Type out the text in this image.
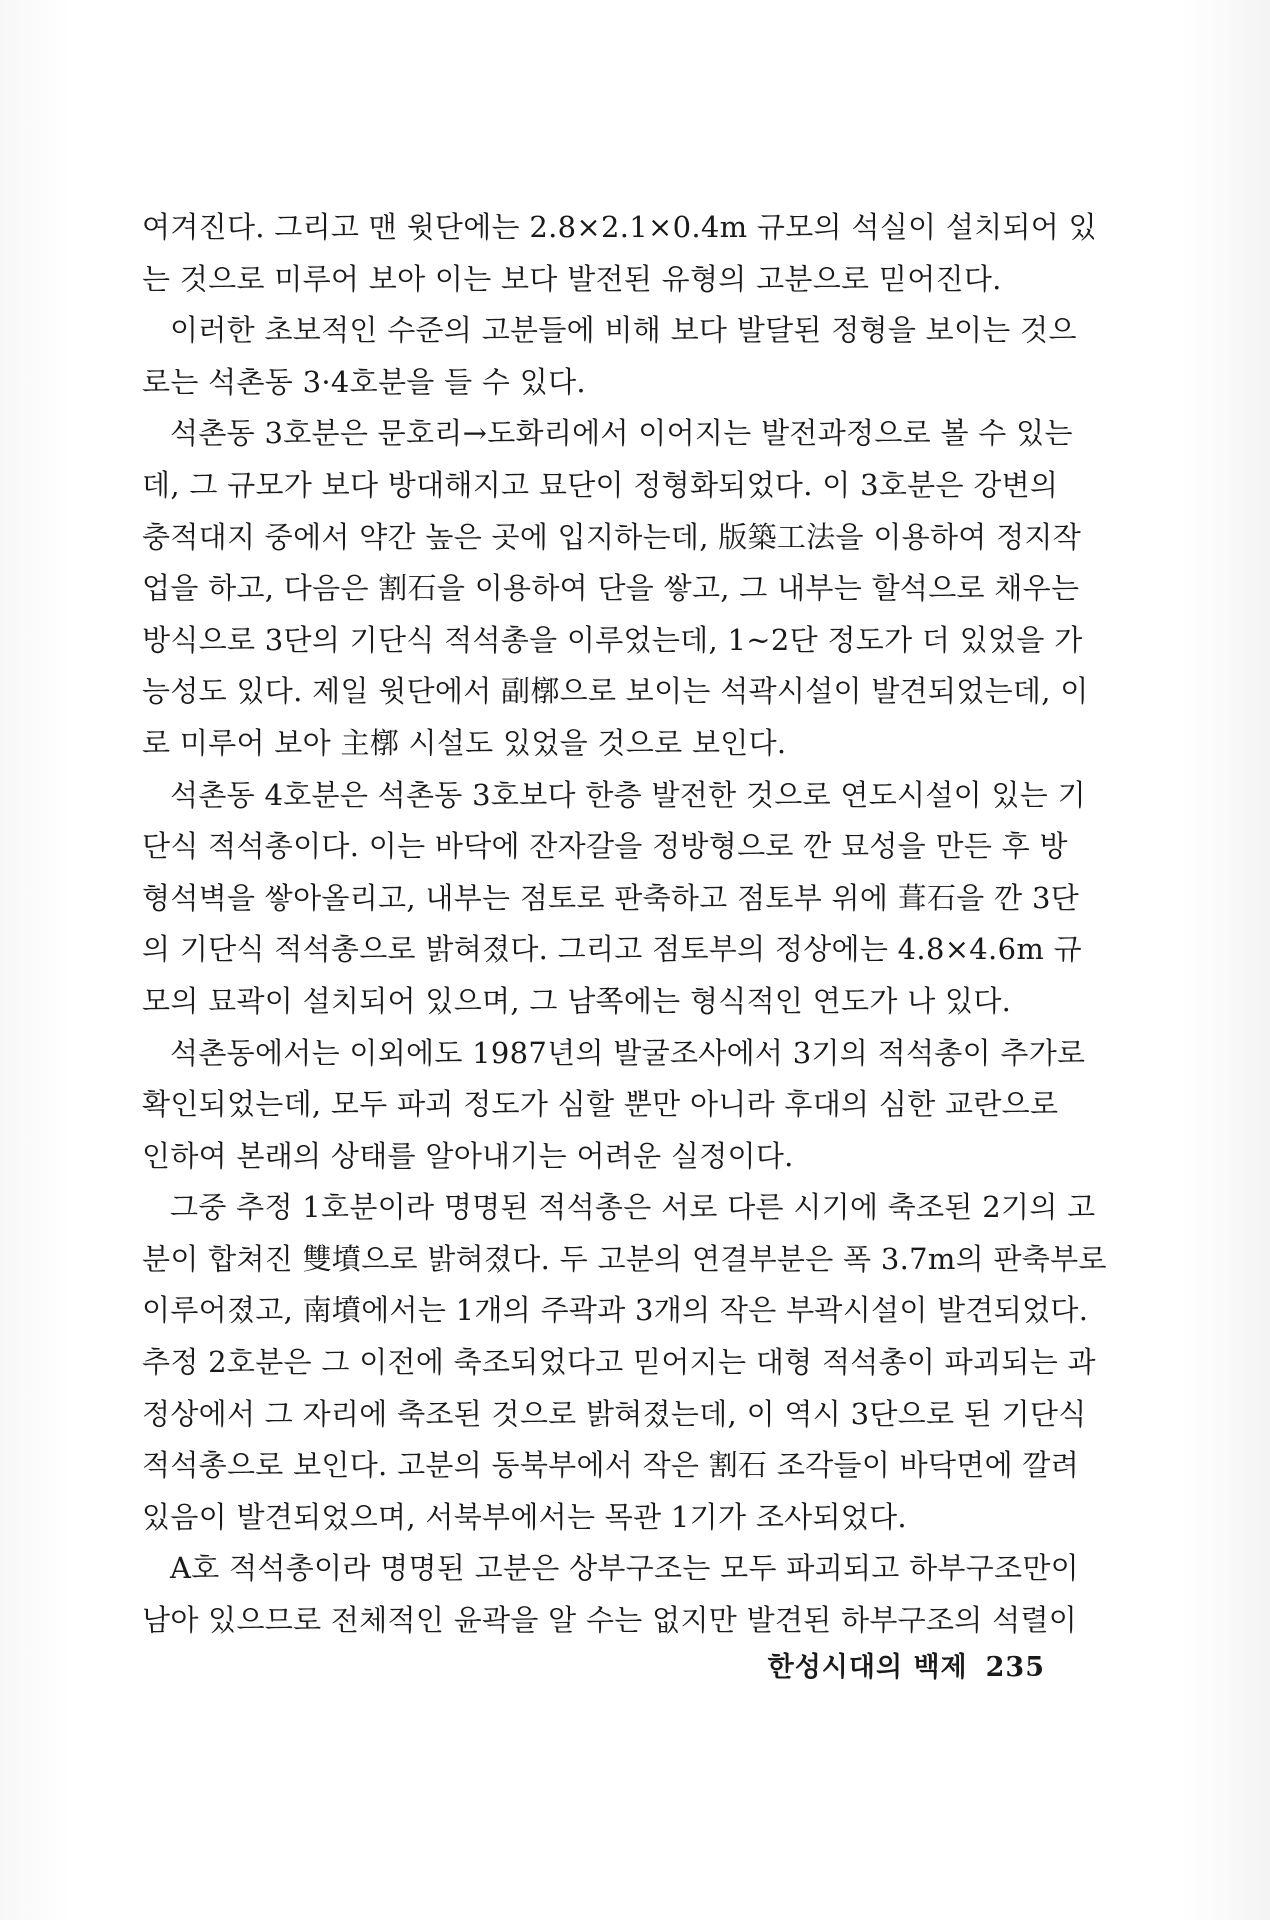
여겨진다. 그리고 맨 윗단에는 2.8×2.1×0.4m 규모의 석실이 설치되어 있
는 것으로 미루어 보아 이는 보다 발전된 유형의 고분으로 믿어진다.
이러한 초보적인 수준의 고분들에 비해 보다 발달된 정형을 보이는 것으
로는 석촌동 3·4호분을 들 수 있다.
석촌동 3호분은 문호리→도화리에서 이어지는 발전과정으로 볼 수 있는
데, 그 규모가 보다 방대해지고 묘단이 정형화되었다. 이 3호분은 강변의
충적대지 중에서 약간 높은 곳에 입지하는데, 版築工法을 이용하여 정지작
업을 하고, 다음은 割石을 이용하여 단을 쌓고, 그 내부는 할석으로 채우는
방식으로 3단의 기단식 적석총을 이루었는데, 1~2단 정도가 더 있었을 가
능성도 있다. 제일 윗단에서 副槨으로 보이는 석곽시설이 발견되었는데, 이
로 미루어 보아 主槨 시설도 있었을 것으로 보인다.
석촌동 4호분은 석촌동 3호보다 한층 발전한 것으로 연도시설이 있는 기
단식 적석총이다. 이는 바닥에 잔자갈을 정방형으로 깐 묘성을 만든 후 방
형석벽을 쌓아올리고, 내부는 점토로 판축하고 점토부 위에 葺石을 깐 3단
의 기단식 적석총으로 밝혀졌다. 그리고 점토부의 정상에는 4.8×4.6m 규
모의 묘곽이 설치되어 있으며, 그 남쪽에는 형식적인 연도가 나 있다.
석촌동에서는 이외에도 1987년의 발굴조사에서 3기의 적석총이 추가로
확인되었는데, 모두 파괴 정도가 심할 뿐만 아니라 후대의 심한 교란으로
인하여 본래의 상태를 알아내기는 어려운 실정이다.
그중 추정 1호분이라 명명된 적석총은 서로 다른 시기에 축조된 2기의 고
분이 합쳐진 雙墳으로 밝혀졌다. 두 고분의 연결부분은 폭 3.7m의 판축부로
이루어졌고, 南墳에서는 1개의 주곽과 3개의 작은 부곽시설이 발견되었다.
추정 2호분은 그 이전에 축조되었다고 믿어지는 대형 적석총이 파괴되는 과
정상에서 그 자리에 축조된 것으로 밝혀졌는데, 이 역시 3단으로 된 기단식
적석총으로 보인다. 고분의 동북부에서 작은 割石 조각들이 바닥면에 깔려
있음이 발견되었으며, 서북부에서는 목관 1기가 조사되었다.
A호 적석총이라 명명된 고분은 상부구조는 모두 파괴되고 하부구조만이
남아 있으므로 전체적인 윤곽을 알 수는 없지만 발견된 하부구조의 석렬이
한성시대의 백제 235
